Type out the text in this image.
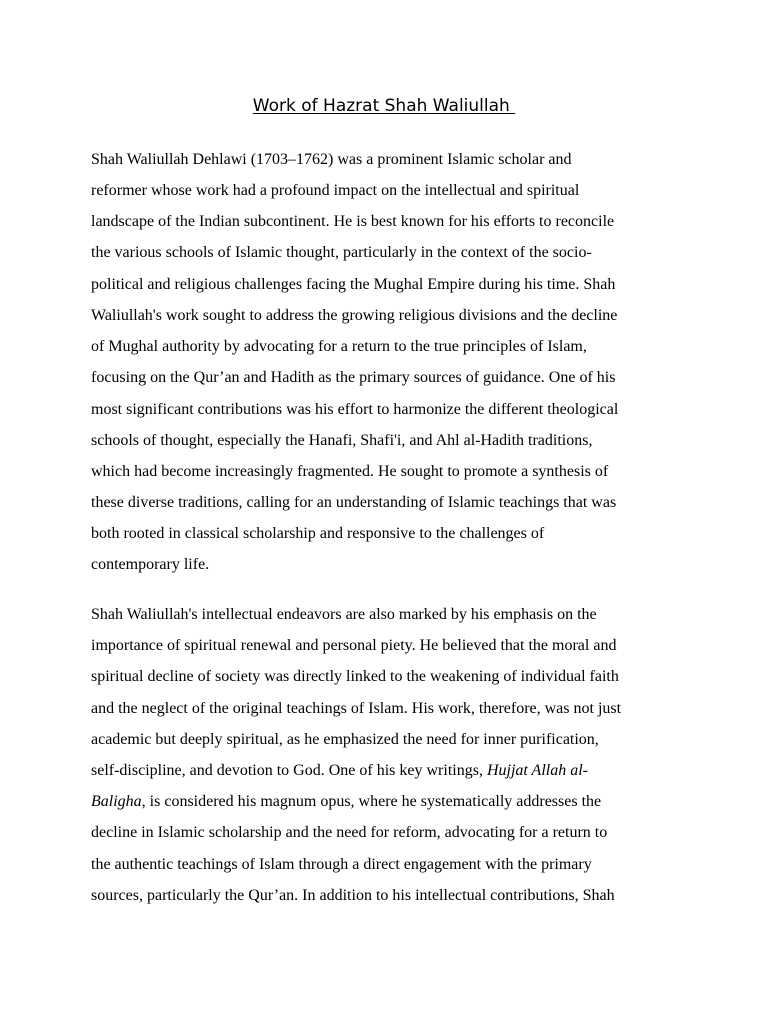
Work of Hazrat Shah Waliullah
Shah Waliullah Dehlawi (1703–1762) was a prominent Islamic scholar and
reformer whose work had a profound impact on the intellectual and spiritual
landscape of the Indian subcontinent. He is best known for his efforts to reconcile
the various schools of Islamic thought, particularly in the context of the socio-
political and religious challenges facing the Mughal Empire during his time. Shah
Waliullah's work sought to address the growing religious divisions and the decline
of Mughal authority by advocating for a return to the true principles of Islam,
focusing on the Qur’an and Hadith as the primary sources of guidance. One of his
most significant contributions was his effort to harmonize the different theological
schools of thought, especially the Hanafi, Shafi'i, and Ahl al-Hadith traditions,
which had become increasingly fragmented. He sought to promote a synthesis of
these diverse traditions, calling for an understanding of Islamic teachings that was
both rooted in classical scholarship and responsive to the challenges of
contemporary life.
Shah Waliullah's intellectual endeavors are also marked by his emphasis on the
importance of spiritual renewal and personal piety. He believed that the moral and
spiritual decline of society was directly linked to the weakening of individual faith
and the neglect of the original teachings of Islam. His work, therefore, was not just
academic but deeply spiritual, as he emphasized the need for inner purification,
self-discipline, and devotion to God. One of his key writings, Hujjat Allah al-
Baligha, is considered his magnum opus, where he systematically addresses the
decline in Islamic scholarship and the need for reform, advocating for a return to
the authentic teachings of Islam through a direct engagement with the primary
sources, particularly the Qur’an. In addition to his intellectual contributions, Shah
